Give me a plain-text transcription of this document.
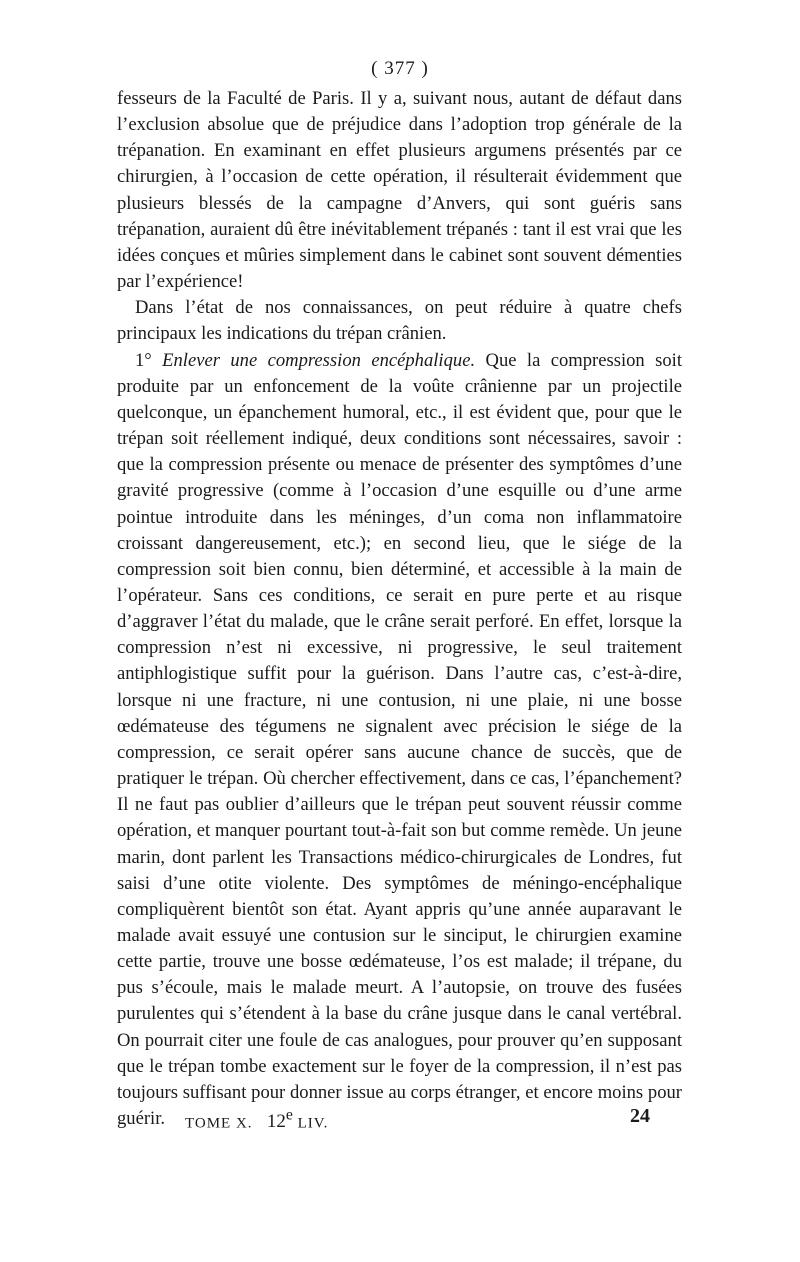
( 377 )

fesseurs de la Faculté de Paris. Il y a, suivant nous, autant de défaut dans l’exclusion absolue que de préjudice dans l’adoption trop générale de la trépanation. En examinant en effet plusieurs argumens présentés par ce chirurgien, à l’occasion de cette opération, il résulterait évidemment que plusieurs blessés de la campagne d’Anvers, qui sont guéris sans trépanation, auraient dû être inévitablement trépanés : tant il est vrai que les idées conçues et mûries simplement dans le cabinet sont souvent démenties par l’expérience!

Dans l’état de nos connaissances, on peut réduire à quatre chefs principaux les indications du trépan crânien.

1° Enlever une compression encéphalique. Que la compression soit produite par un enfoncement de la voûte crânienne par un projectile quelconque, un épanchement humoral, etc., il est évident que, pour que le trépan soit réellement indiqué, deux conditions sont nécessaires, savoir : que la compression présente ou menace de présenter des symptômes d’une gravité progressive (comme à l’occasion d’une esquille ou d’une arme pointue introduite dans les méninges, d’un coma non inflammatoire croissant dangereusement, etc.); en second lieu, que le siége de la compression soit bien connu, bien déterminé, et accessible à la main de l’opérateur. Sans ces conditions, ce serait en pure perte et au risque d’aggraver l’état du malade, que le crâne serait perforé. En effet, lorsque la compression n’est ni excessive, ni progressive, le seul traitement antiphlogistique suffit pour la guérison. Dans l’autre cas, c’est-à-dire, lorsque ni une fracture, ni une contusion, ni une plaie, ni une bosse œdémateuse des tégumens ne signalent avec précision le siége de la compression, ce serait opérer sans aucune chance de succès, que de pratiquer le trépan. Où chercher effectivement, dans ce cas, l’épanchement? Il ne faut pas oublier d’ailleurs que le trépan peut souvent réussir comme opération, et manquer pourtant tout-à-fait son but comme remède. Un jeune marin, dont parlent les Transactions médico-chirurgicales de Londres, fut saisi d’une otite violente. Des symptômes de méningo-encéphalique compliquèrent bientôt son état. Ayant appris qu’une année auparavant le malade avait essuyé une contusion sur le sinciput, le chirurgien examine cette partie, trouve une bosse œdémateuse, l’os est malade; il trépane, du pus s’écoule, mais le malade meurt. A l’autopsie, on trouve des fusées purulentes qui s’étendent à la base du crâne jusque dans le canal vertébral. On pourrait citer une foule de cas analogues, pour prouver qu’en supposant que le trépan tombe exactement sur le foyer de la compression, il n’est pas toujours suffisant pour donner issue au corps étranger, et encore moins pour guérir.	TOME X. 12e LIV.	24
